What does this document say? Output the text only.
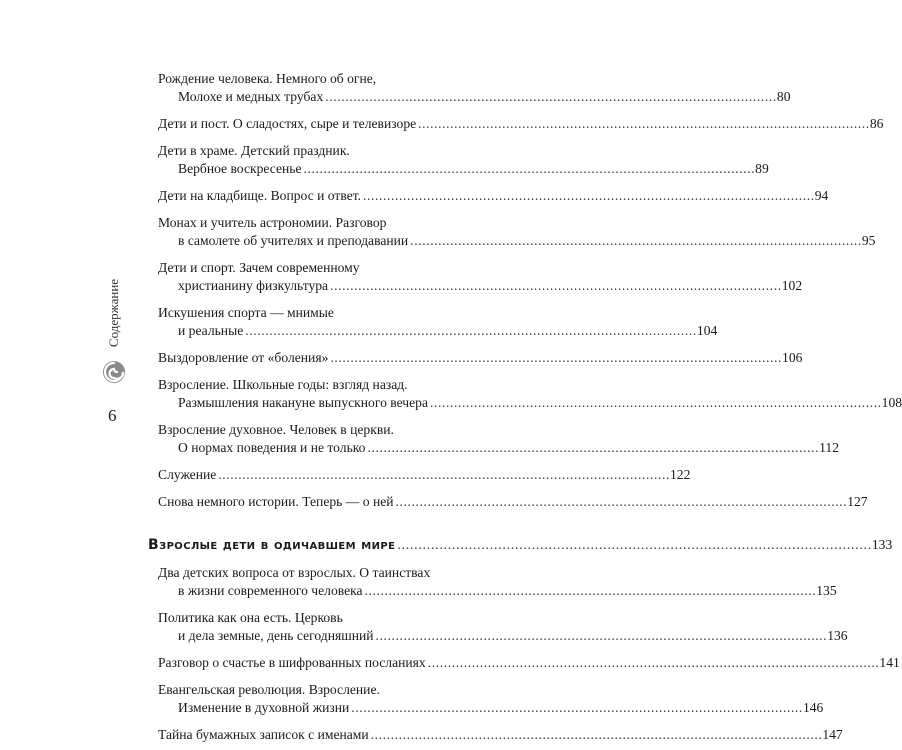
Содержание
6
Рождение человека. Немного об огне,
Молохе и медных трубах . . .	80
Дети и пост. О сладостях, сыре и телевизоре . . .	86
Дети в храме. Детский праздник.
Вербное воскресенье . . .	89
Дети на кладбище. Вопрос и ответ. . . .	94
Монах и учитель астрономии. Разговор
в самолете об учителях и преподавании . . .	95
Дети и спорт. Зачем современному
христианину физкультура . . .	102
Искушения спорта — мнимые
и реальные . . .	104
Выздоровление от «боления» . . .	106
Взросление. Школьные годы: взгляд назад.
Размышления накануне выпускного вечера . . .	108
Взросление духовное. Человек в церкви.
О нормах поведения и не только . . .	112
Служение . . .	122
Снова немного истории. Теперь — о ней . . .	127
Взрослые дети в одичавшем мире . . .	133
Два детских вопроса от взрослых. О таинствах
в жизни современного человека . . .	135
Политика как она есть. Церковь
и дела земные, день сегодняшний . . .	136
Разговор о счастье в шифрованных посланиях . . .	141
Евангельская революция. Взросление.
Изменение в духовной жизни . . .	146
Тайна бумажных записок с именами . . .	147
